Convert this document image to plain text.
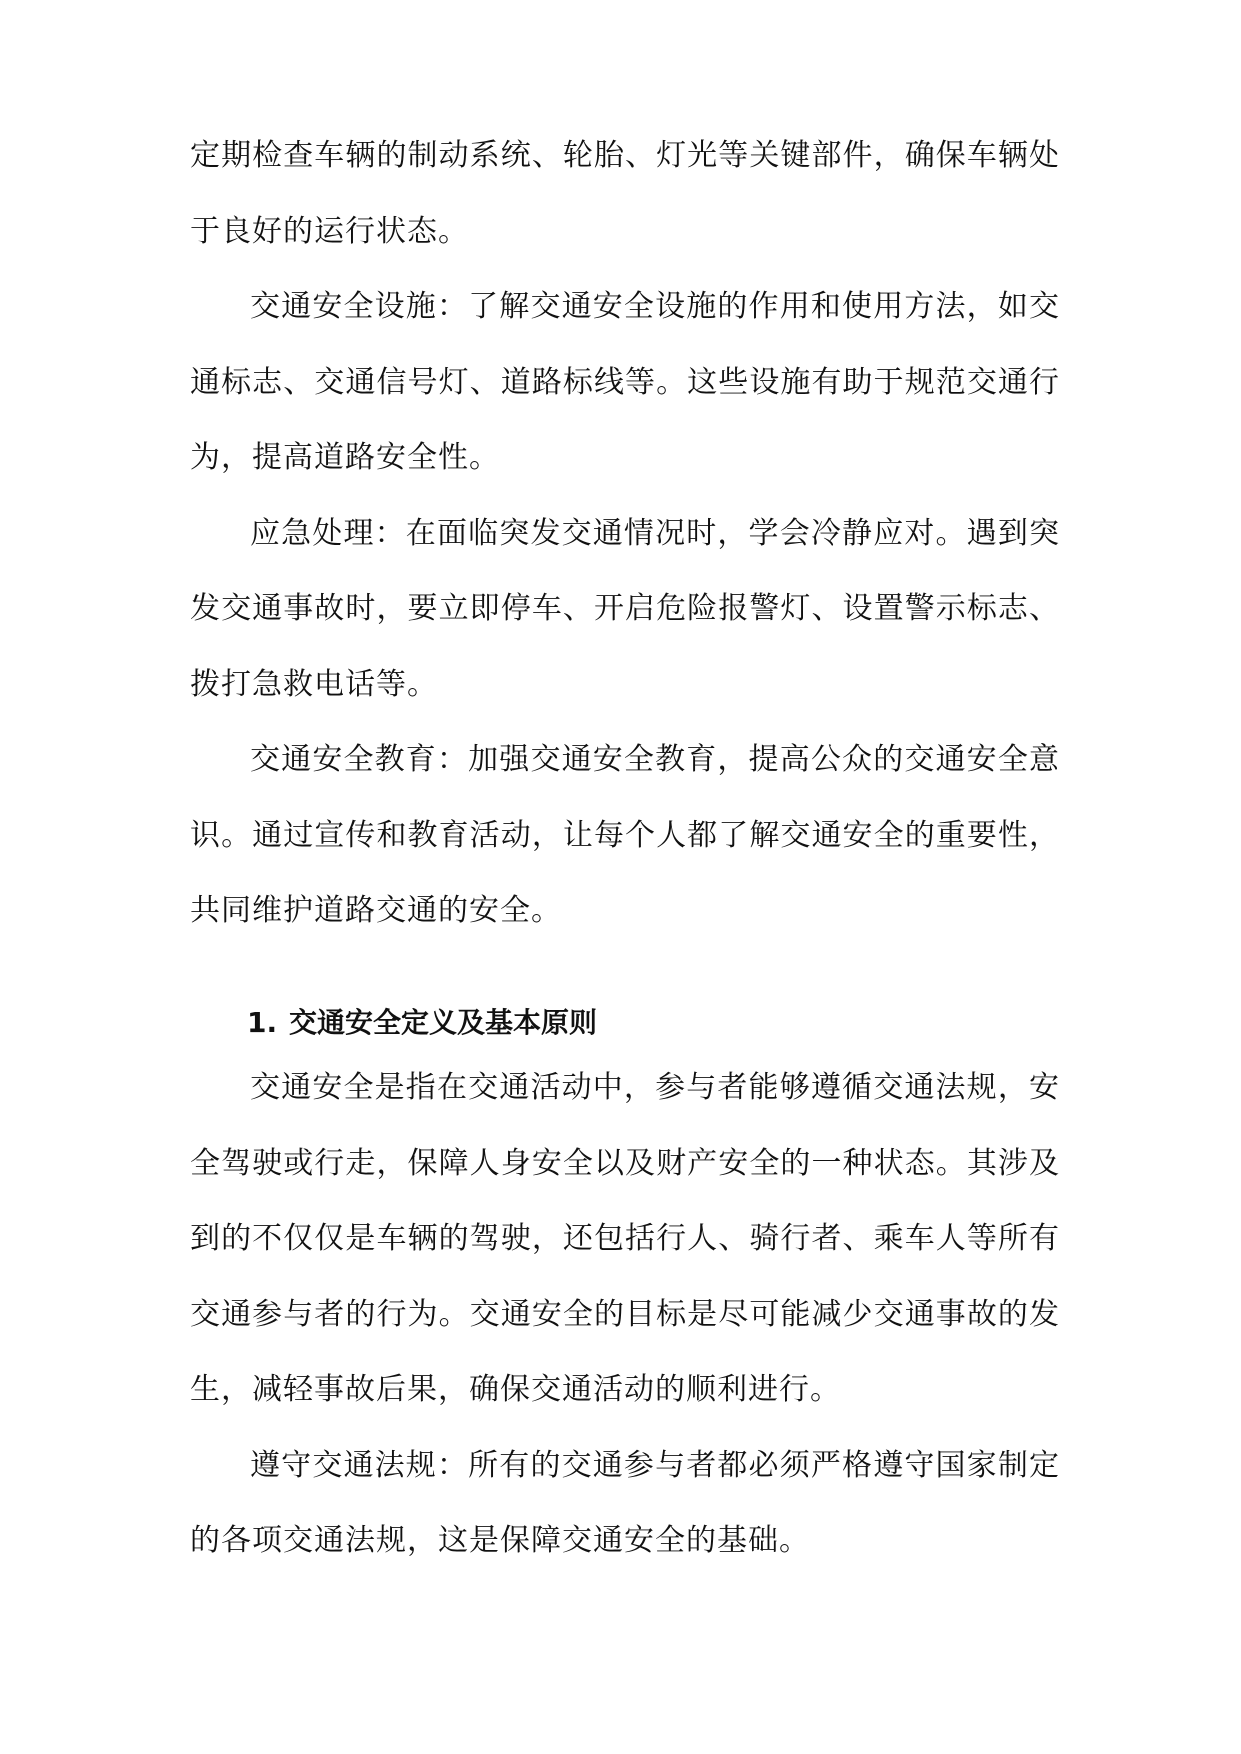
定期检查车辆的制动系统、轮胎、灯光等关键部件，确保车辆处于良好的运行状态。

交通安全设施：了解交通安全设施的作用和使用方法，如交通标志、交通信号灯、道路标线等。这些设施有助于规范交通行为，提高道路安全性。

应急处理：在面临突发交通情况时，学会冷静应对。遇到突发交通事故时，要立即停车、开启危险报警灯、设置警示标志、拨打急救电话等。

交通安全教育：加强交通安全教育，提高公众的交通安全意识。通过宣传和教育活动，让每个人都了解交通安全的重要性，共同维护道路交通的安全。

1. 交通安全定义及基本原则

交通安全是指在交通活动中，参与者能够遵循交通法规，安全驾驶或行走，保障人身安全以及财产安全的一种状态。其涉及到的不仅仅是车辆的驾驶，还包括行人、骑行者、乘车人等所有交通参与者的行为。交通安全的目标是尽可能减少交通事故的发生，减轻事故后果，确保交通活动的顺利进行。

遵守交通法规：所有的交通参与者都必须严格遵守国家制定的各项交通法规，这是保障交通安全的基础。
